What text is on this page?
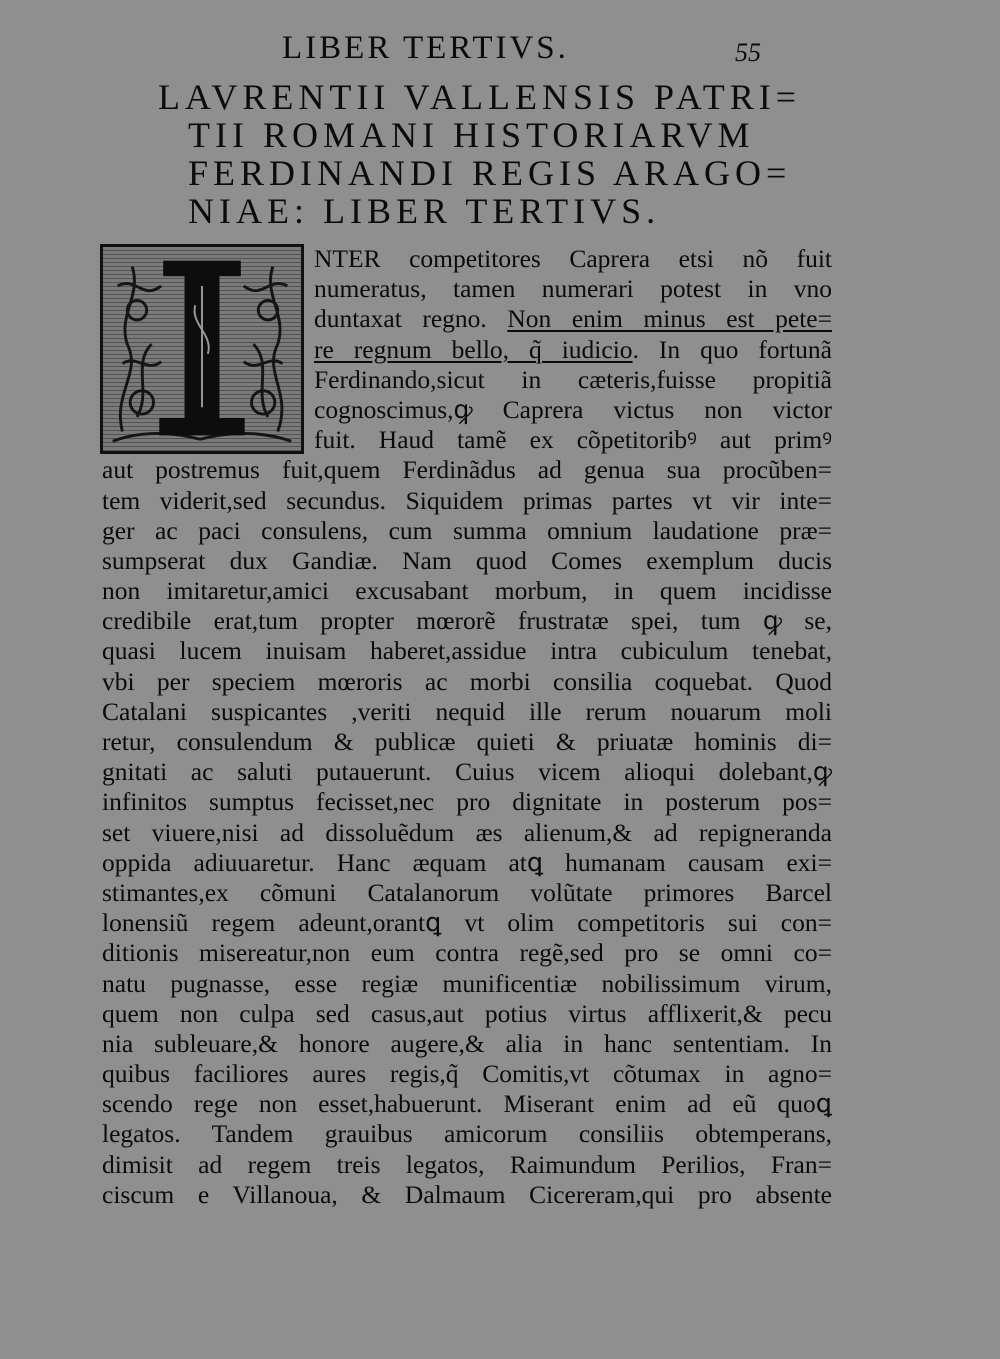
LIBER TERTIVS.	55
LAVRENTII VALLENSIS PATRI=
TII ROMANI HISTORIARVM
FERDINANDI REGIS ARAGO=
NIAE: LIBER TERTIVS.
NTER competitores Caprera etsi nõ fuit
numeratus, tamen numerari potest in vno
duntaxat regno. Non enim minus est pete=
re regnum bello, q̃ iudicio. In quo fortunã
Ferdinando,sicut in cæteris,fuisse propitiã
cognoscimus,ꝙ Caprera victus non victor
fuit. Haud tamẽ ex cõpetitoribꝰ aut primꝰ
aut postremus fuit,quem Ferdinãdus ad genua sua procũben=
tem viderit,sed secundus. Siquidem primas partes vt vir inte=
ger ac paci consulens, cum summa omnium laudatione præ=
sumpserat dux Gandiæ. Nam quod Comes exemplum ducis
non imitaretur,amici excusabant morbum, in quem incidisse
credibile erat,tum propter mœrorẽ frustratæ spei, tum ꝙ se,
quasi lucem inuisam haberet,assidue intra cubiculum tenebat,
vbi per speciem mœroris ac morbi consilia coquebat. Quod
Catalani suspicantes ,veriti nequid ille rerum nouarum moli
retur, consulendum & publicæ quieti & priuatæ hominis di=
gnitati ac saluti putauerunt. Cuius vicem alioqui dolebant,ꝙ
infinitos sumptus fecisset,nec pro dignitate in posterum pos=
set viuere,nisi ad dissoluẽdum æs alienum,& ad repigneranda
oppida adiuuaretur. Hanc æquam atꝗ humanam causam exi=
stimantes,ex cõmuni Catalanorum volũtate primores Barcel
lonensiũ regem adeunt,orantꝗ vt olim competitoris sui con=
ditionis misereatur,non eum contra regẽ,sed pro se omni co=
natu pugnasse, esse regiæ munificentiæ nobilissimum virum,
quem non culpa sed casus,aut potius virtus afflixerit,& pecu
nia subleuare,& honore augere,& alia in hanc sententiam. In
quibus faciliores aures regis,q̃ Comitis,vt cõtumax in agno=
scendo rege non esset,habuerunt. Miserant enim ad eũ quoꝗ
legatos. Tandem grauibus amicorum consiliis obtemperans,
dimisit ad regem treis legatos, Raimundum Perilios, Fran=
ciscum e Villanoua, & Dalmaum Cicereram,qui pro absente
